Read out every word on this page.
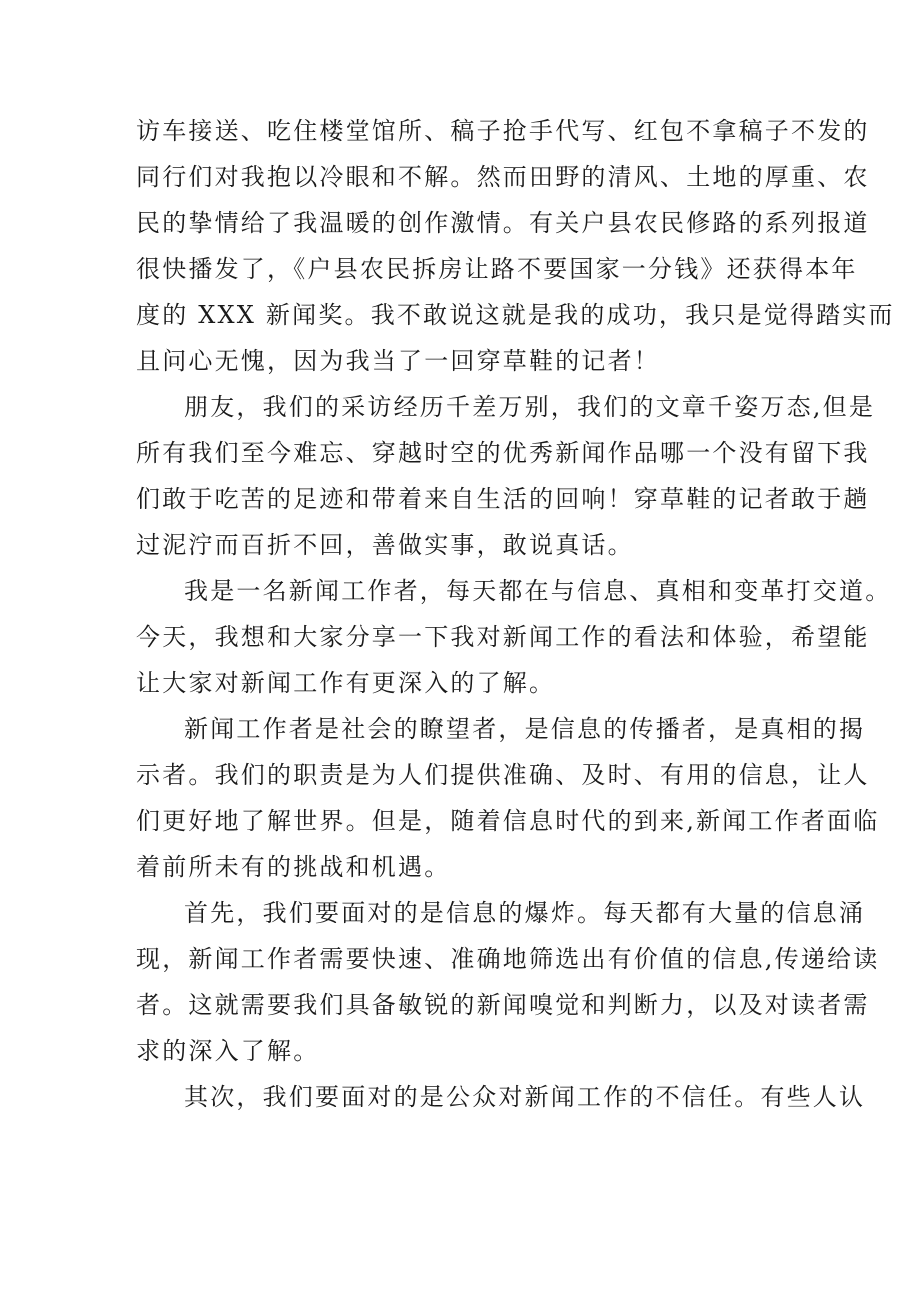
访车接送、吃住楼堂馆所、稿子抢手代写、红包不拿稿子不发的
同行们对我抱以冷眼和不解。然而田野的清风、土地的厚重、农
民的挚情给了我温暖的创作激情。有关户县农民修路的系列报道
很快播发了，《户县农民拆房让路不要国家一分钱》还获得本年
度的 XXX 新闻奖。我不敢说这就是我的成功，我只是觉得踏实而
且问心无愧，因为我当了一回穿草鞋的记者！
朋友，我们的采访经历千差万别，我们的文章千姿万态,但是
所有我们至今难忘、穿越时空的优秀新闻作品哪一个没有留下我
们敢于吃苦的足迹和带着来自生活的回响！穿草鞋的记者敢于趟
过泥泞而百折不回，善做实事，敢说真话。
我是一名新闻工作者，每天都在与信息、真相和变革打交道。
今天，我想和大家分享一下我对新闻工作的看法和体验，希望能
让大家对新闻工作有更深入的了解。
新闻工作者是社会的瞭望者，是信息的传播者，是真相的揭
示者。我们的职责是为人们提供准确、及时、有用的信息，让人
们更好地了解世界。但是，随着信息时代的到来,新闻工作者面临
着前所未有的挑战和机遇。
首先，我们要面对的是信息的爆炸。每天都有大量的信息涌
现，新闻工作者需要快速、准确地筛选出有价值的信息,传递给读
者。这就需要我们具备敏锐的新闻嗅觉和判断力，以及对读者需
求的深入了解。
其次，我们要面对的是公众对新闻工作的不信任。有些人认
